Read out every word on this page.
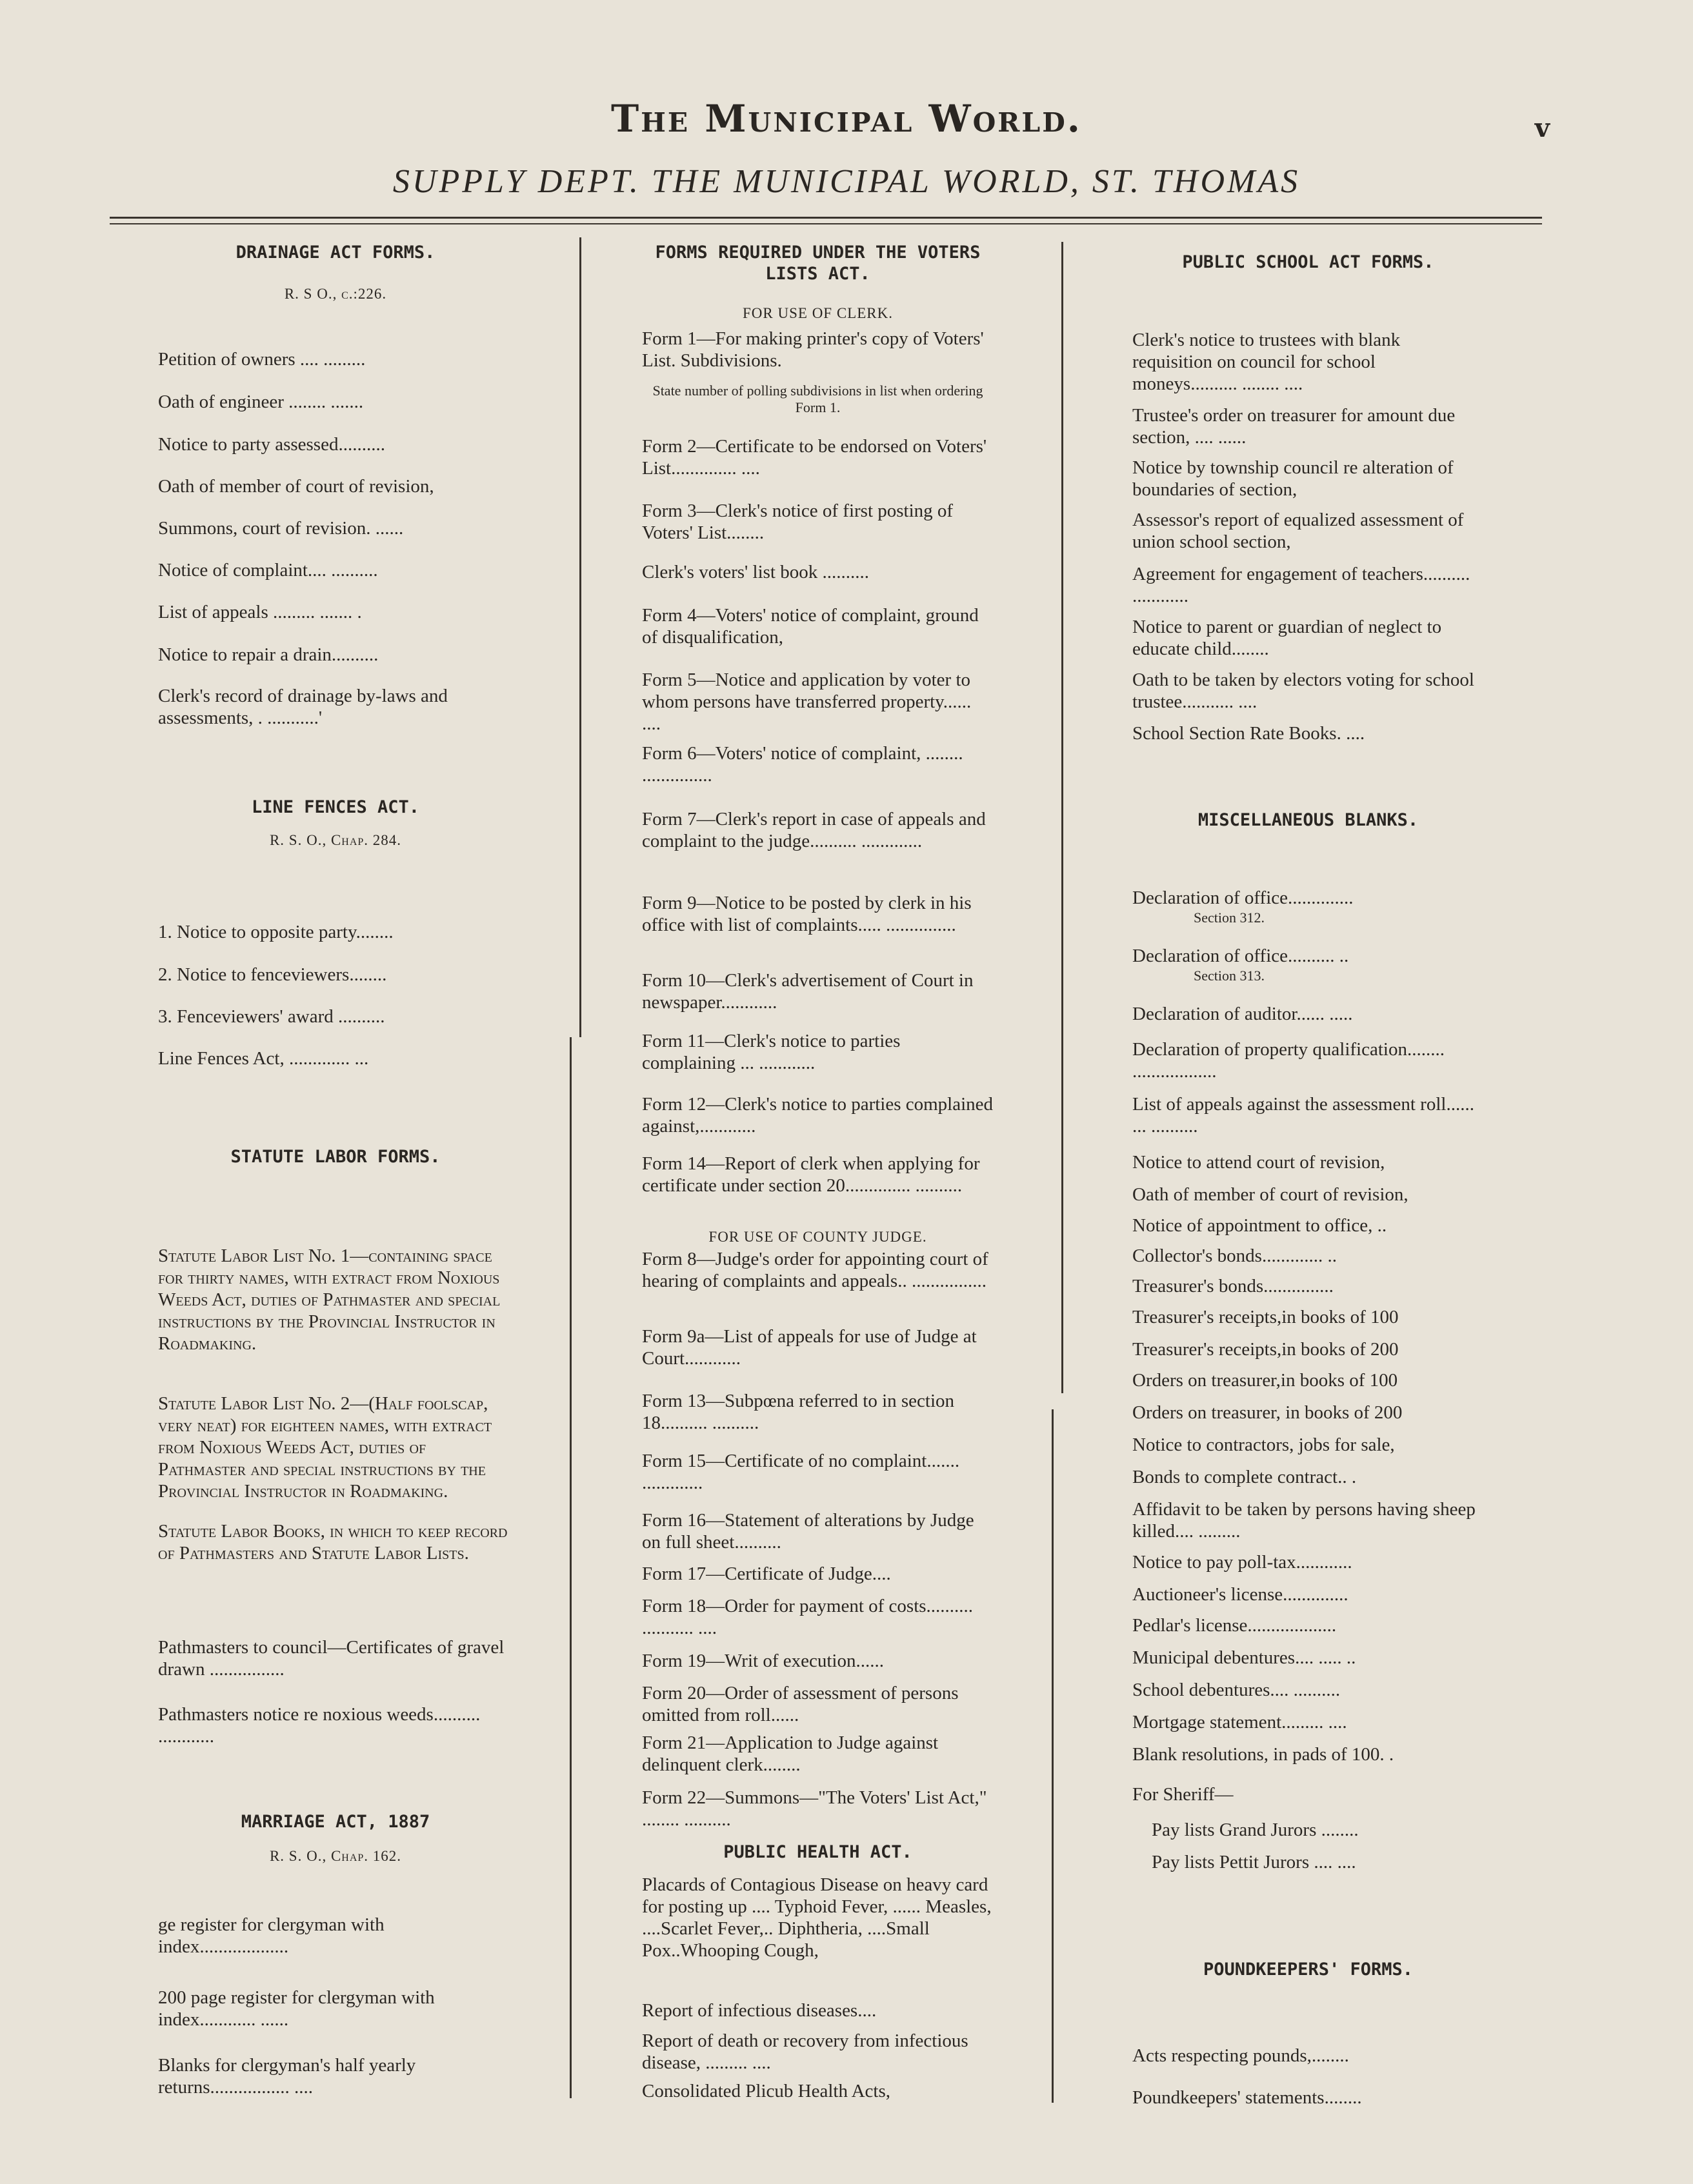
The Municipal World.	v
SUPPLY DEPT. THE MUNICIPAL WORLD, ST. THOMAS
DRAINAGE ACT FORMS.
R. S O., c.:226.
Petition of owners .... .........
Oath of engineer ........ .......
Notice to party assessed..........
Oath of member of court of revision,
Summons, court of revision. ......
Notice of complaint.... ..........
List of appeals ......... ....... .
Notice to repair a drain..........
Clerk's record of drainage by-laws and assessments, . ...........'
LINE FENCES ACT.
R. S. O., Chap. 284.
1. Notice to opposite party........
2. Notice to fenceviewers........
3. Fenceviewers' award ..........
Line Fences Act, ............. ...
STATUTE LABOR FORMS.
Statute Labor List No. 1—containing space for thirty names, with extract from Noxious Weeds Act, duties of Pathmaster and special instructions by the Provincial Instructor in Roadmaking.
Statute Labor List No. 2—(Half foolscap, very neat) for eighteen names, with extract from Noxious Weeds Act, duties of Pathmaster and special instructions by the Provincial Instructor in Roadmaking.
Statute Labor Books, in which to keep record of Pathmasters and Statute Labor Lists.
Pathmasters to council—Certificates of gravel drawn ................
Pathmasters notice re noxious weeds.......... ............
MARRIAGE ACT, 1887
R. S. O., Chap. 162.
ge register for clergyman with index...................
200 page register for clergyman with index............ ......
Blanks for clergyman's half yearly returns................. ....
FORMS REQUIRED UNDER THE VOTERS LISTS ACT.
FOR USE OF CLERK.
Form 1—For making printer's copy of Voters' List. Subdivisions.
State number of polling subdivisions in list when ordering Form 1.
Form 2—Certificate to be endorsed on Voters' List.............. ....
Form 3—Clerk's notice of first posting of Voters' List........
Clerk's voters' list book ..........
Form 4—Voters' notice of complaint, ground of disqualification,
Form 5—Notice and application by voter to whom persons have transferred property...... ....
Form 6—Voters' notice of complaint, ........ ...............
Form 7—Clerk's report in case of appeals and complaint to the judge.......... .............
Form 9—Notice to be posted by clerk in his office with list of complaints..... ...............
Form 10—Clerk's advertisement of Court in newspaper............
Form 11—Clerk's notice to parties complaining ... ............
Form 12—Clerk's notice to parties complained against,............
Form 14—Report of clerk when applying for certificate under section 20.............. ..........
FOR USE OF COUNTY JUDGE.
Form 8—Judge's order for appointing court of hearing of complaints and appeals.. ................
Form 9a—List of appeals for use of Judge at Court............
Form 13—Subpœna referred to in section 18.......... ..........
Form 15—Certificate of no complaint....... .............
Form 16—Statement of alterations by Judge on full sheet..........
Form 17—Certificate of Judge....
Form 18—Order for payment of costs.......... ........... ....
Form 19—Writ of execution......
Form 20—Order of assessment of persons omitted from roll......
Form 21—Application to Judge against delinquent clerk........
Form 22—Summons—"The Voters' List Act," ........ ..........
PUBLIC HEALTH ACT.
Placards of Contagious Disease on heavy card for posting up .... Typhoid Fever, ...... Measles, ....Scarlet Fever,.. Diphtheria, ....Small Pox..Whooping Cough,
Report of infectious diseases....
Report of death or recovery from infectious disease, ......... ....
Consolidated Plicub Health Acts,
PUBLIC SCHOOL ACT FORMS.
Clerk's notice to trustees with blank requisition on council for school moneys.......... ........ ....
Trustee's order on treasurer for amount due section, .... ......
Notice by township council re alteration of boundaries of section,
Assessor's report of equalized assessment of union school section,
Agreement for engagement of teachers.......... ............
Notice to parent or guardian of neglect to educate child........
Oath to be taken by electors voting for school trustee........... ....
School Section Rate Books. ....
MISCELLANEOUS BLANKS.
Declaration of office..............
Section 312.
Declaration of office.......... ..
Section 313.
Declaration of auditor...... .....
Declaration of property qualification........ ..................
List of appeals against the assessment roll...... ... ..........
Notice to attend court of revision,
Oath of member of court of revision,
Notice of appointment to office, ..
Collector's bonds............. ..
Treasurer's bonds...............
Treasurer's receipts,in books of 100
Treasurer's receipts,in books of 200
Orders on treasurer,in books of 100
Orders on treasurer, in books of 200
Notice to contractors, jobs for sale,
Bonds to complete contract.. .
Affidavit to be taken by persons having sheep killed.... .........
Notice to pay poll-tax............
Auctioneer's license..............
Pedlar's license...................
Municipal debentures.... ..... ..
School debentures.... ..........
Mortgage statement......... ....
Blank resolutions, in pads of 100. .
For Sheriff—
Pay lists Grand Jurors ........
Pay lists Pettit Jurors .... ....
POUNDKEEPERS' FORMS.
Acts respecting pounds,........
Poundkeepers' statements........
